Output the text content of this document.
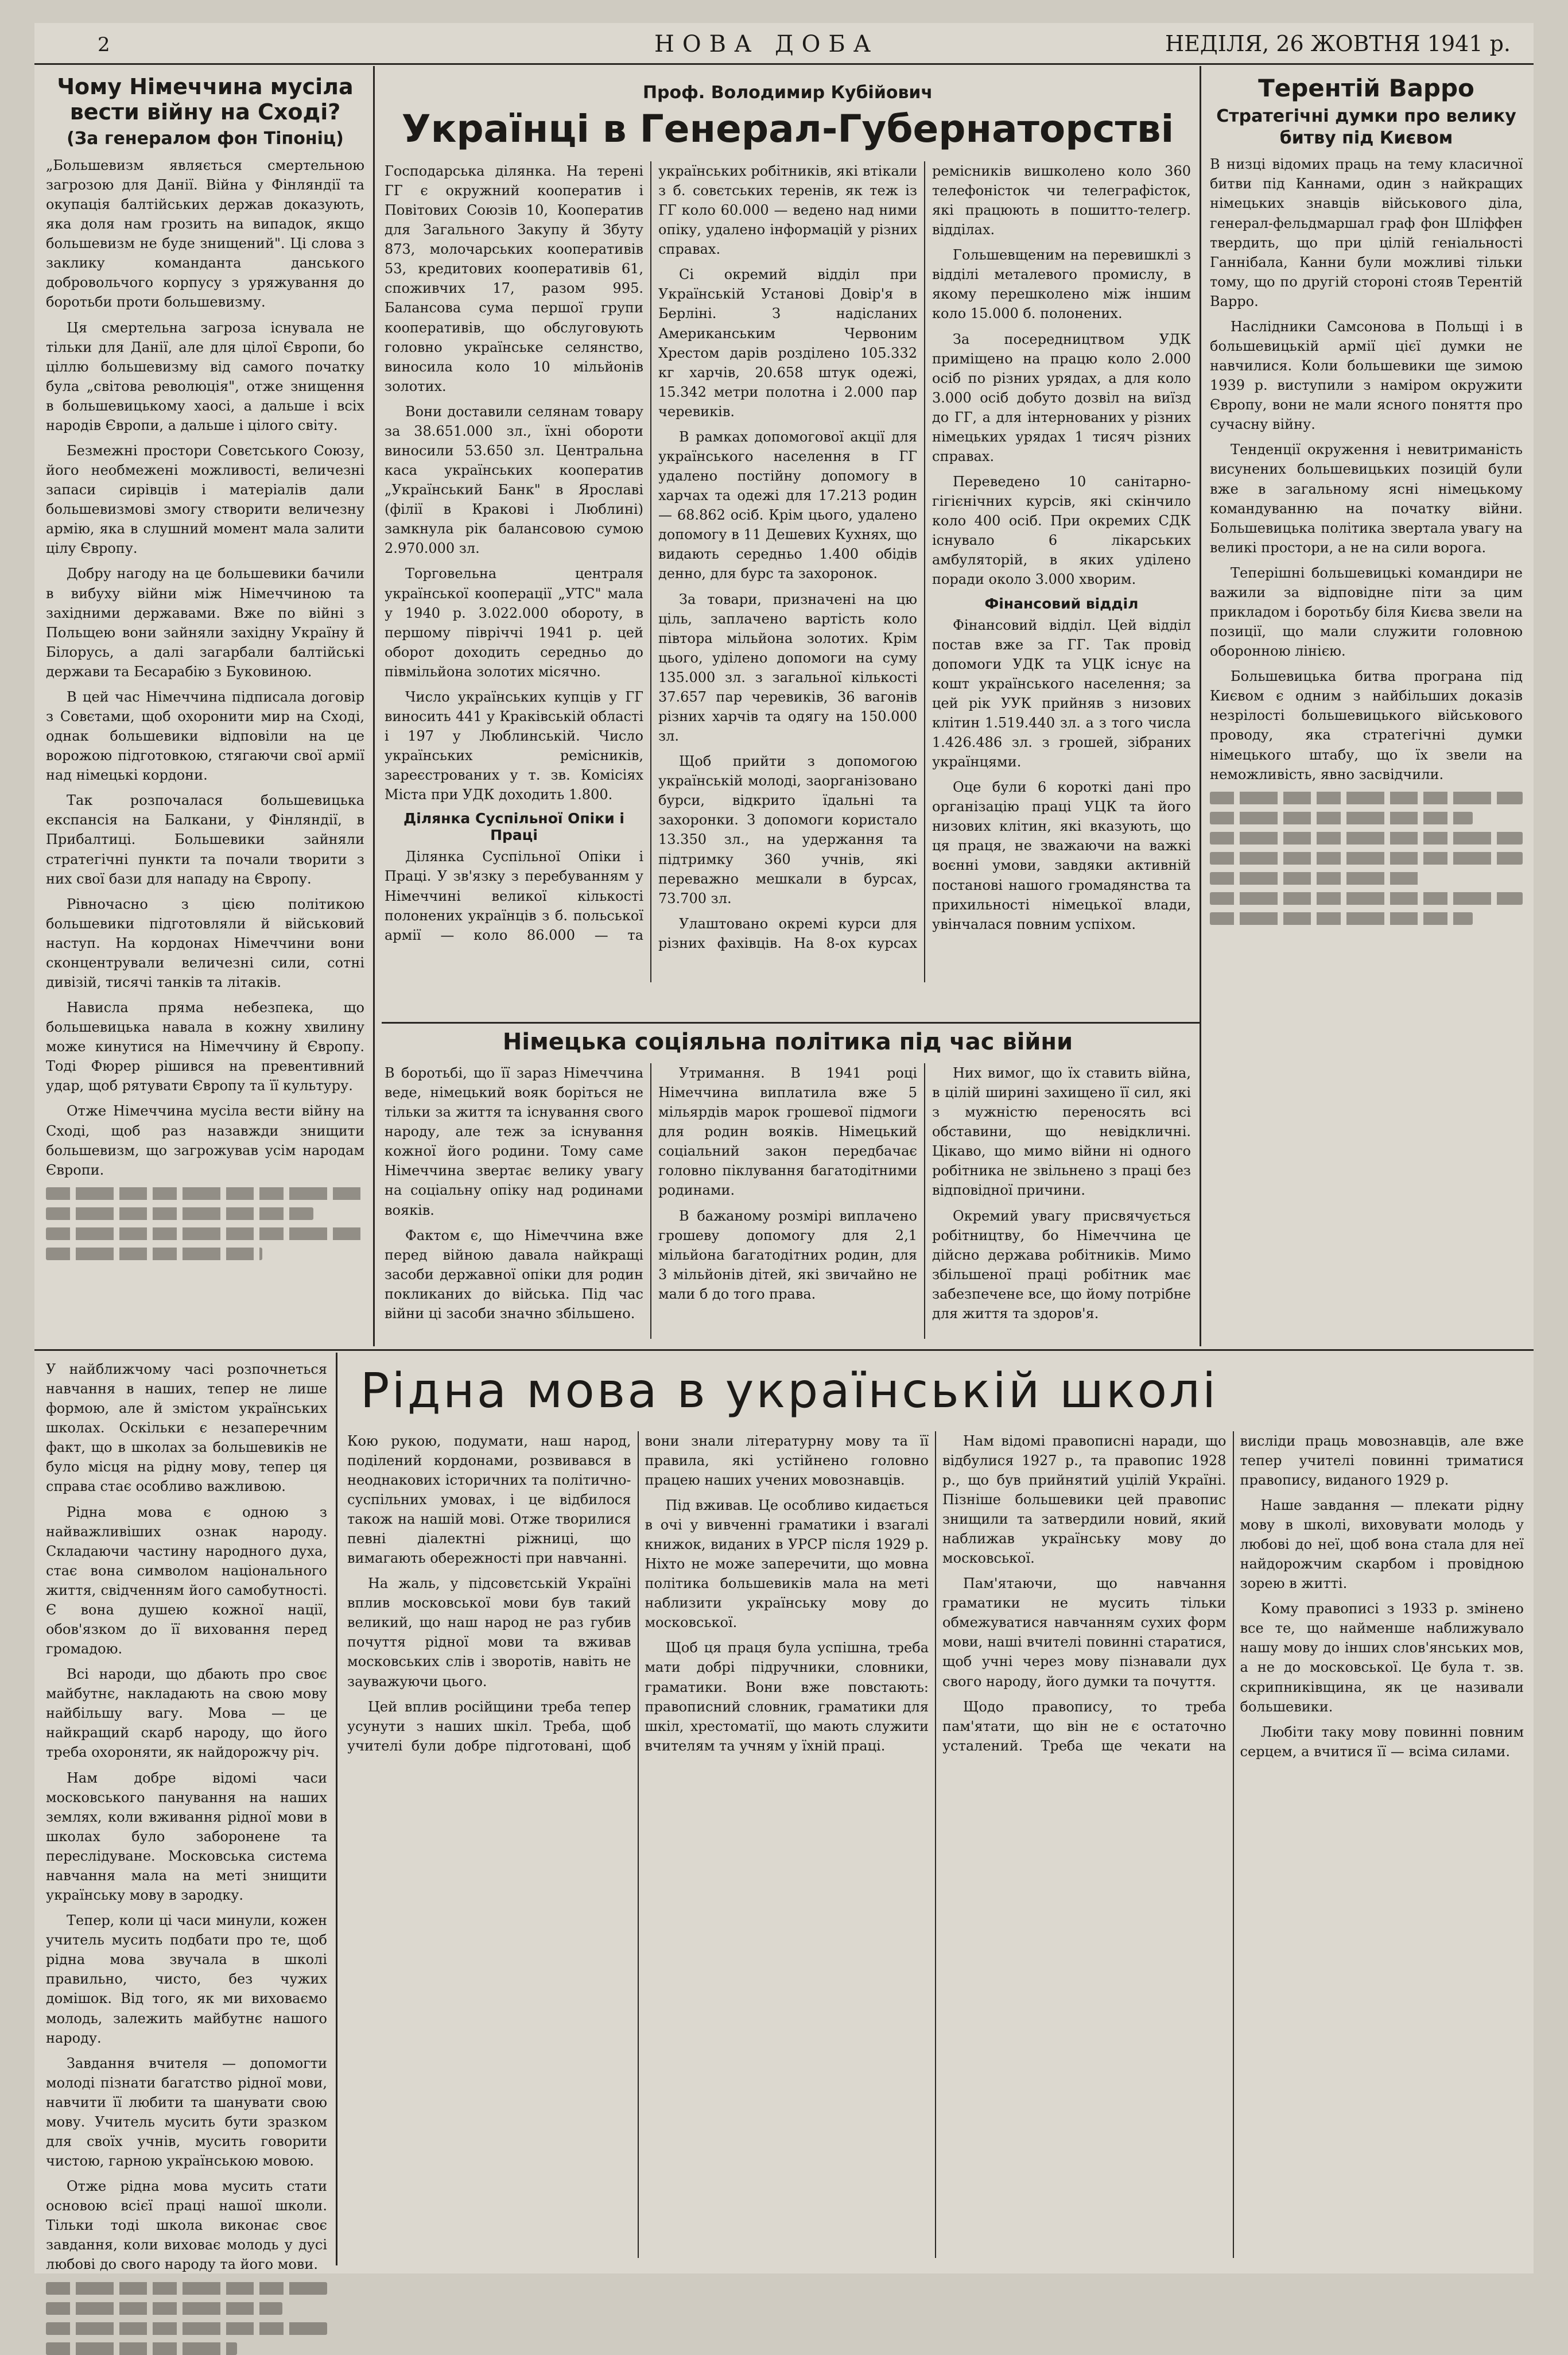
2	НОВА ДОБА	НЕДІЛЯ, 26 ЖОВТНЯ 1941 р.
Чому Німеччина мусіла вести війну на Сході?
(За генералом фон Тіпоніц)

„Большевизм являється смертельною загрозою для Данії. Війна у Фінляндії та окупація балтійських держав доказують, яка доля нам грозить на випадок, якщо большевизм не буде знищений". Ці слова з заклику команданта данського добровольчого корпусу з уряжування до боротьби проти большевизму.

Ця смертельна загроза існувала не тільки для Данії, але для цілої Європи, бо ціллю большевизму від самого початку була „світова революція", отже знищення в большевицькому хаосі, а дальше і всіх народів Європи, а дальше і цілого світу.

Безмежні простори Совєтського Союзу, його необмежені можливості, величезні запаси сирівців і матеріалів дали большевизмові змогу створити величезну армію, яка в слушний момент мала залити цілу Європу.

Добру нагоду на це большевики бачили в вибуху війни між Німеччиною та західними державами. Вже по війні з Польщею вони зайняли західну Україну й Білорусь, а далі загарбали балтійські держави та Бесарабію з Буковиною.

В цей час Німеччина підписала договір з Совєтами, щоб охоронити мир на Сході, однак большевики відповіли на це ворожою підготовкою, стягаючи свої армії над німецькі кордони.

Так розпочалася большевицька експансія на Балкани, у Фінляндії, в Прибалтиці. Большевики зайняли стратегічні пункти та почали творити з них свої бази для нападу на Європу.

Рівночасно з цією політикою большевики підготовляли й військовий наступ. На кордонах Німеччини вони сконцентрували величезні сили, сотні дивізій, тисячі танків та літаків.

Нависла пряма небезпека, що большевицька навала в кожну хвилину може кинутися на Німеччину й Європу. Тоді Фюрер рішився на превентивний удар, щоб рятувати Європу та її культуру.

Отже Німеччина мусіла вести війну на Сході, щоб раз назавжди знищити большевизм, що загрожував усім народам Європи.

Проф. Володимир Кубійович
Українці в Генерал-Губернаторстві

Господарська ділянка. На терені ГГ є окружний кооператив і Повітових Союзів 10, Кооператив для Загального Закупу й Збуту 873, молочарських кооперативів 53, кредитових кооперативів 61, споживчих 17, разом 995. Балансова сума першої групи кооперативів, що обслуговують головно українське селянство, виносила коло 10 мільйонів золотих.

Вони доставили селянам товару за 38.651.000 зл., їхні обороти виносили 53.650 зл. Центральна каса українських кооператив „Український Банк" в Ярославі (філії в Кракові і Люблині) замкнула рік балансовою сумою 2.970.000 зл.

Торговельна централя української кооперації „УТС" мала у 1940 р. 3.022.000 обороту, в першому півріччі 1941 р. цей оборот доходить середньо до півмільйона золотих місячно.

Число українських купців у ГГ виносить 441 у Краківській області і 197 у Люблинській. Число українських ремісників, зареєстрованих у т. зв. Комісіях Міста при УДК доходить 1.800.

Ділянка Суспільної Опіки і Праці

Ділянка Суспільної Опіки і Праці. У зв'язку з перебуванням у Німеччині великої кількості полонених українців з б. польської армії — коло 86.000 — та українських робітників, які втікали з б. совєтських теренів, як теж із ГГ коло 60.000 — ведено над ними опіку, удалено інформацій у різних справах.

Сі окремий відділ при Українській Установі Довір'я в Берліні. З надісланих Американським Червоним Хрестом дарів розділено 105.332 кг харчів, 20.658 штук одежі, 15.342 метри полотна і 2.000 пар черевиків.

В рамках допомогової акції для українського населення в ГГ удалено постійну допомогу в харчах та одежі для 17.213 родин — 68.862 осіб. Крім цього, удалено допомогу в 11 Дешевих Кухнях, що видають середньо 1.400 обідів денно, для бурс та захоронок.

За товари, призначені на цю ціль, заплачено вартість коло півтора мільйона золотих. Крім цього, уділено допомоги на суму 135.000 зл. з загальної кількості 37.657 пар черевиків, 36 вагонів різних харчів та одягу на 150.000 зл.

Щоб прийти з допомогою українській молоді, заорганізовано бурси, відкрито їдальні та захоронки. З допомоги користало 13.350 зл., на удержання та підтримку 360 учнів, які переважно мешкали в бурсах, 73.700 зл.

Улаштовано окремі курси для різних фахівців. На 8-ох курсах ремісників вишколено коло 360 телефоністок чи телеграфісток, які працюють в пошитто-телегр. відділах.

Гольшевщеним на перевишклі з відділі металевого промислу, в якому перешколено між іншим коло 15.000 б. полонених.

За посередництвом УДК приміщено на працю коло 2.000 осіб по різних урядах, а для коло 3.000 осіб добуто дозвіл на виїзд до ГГ, а для інтернованих у різних німецьких урядах 1 тисяч різних справах.

Переведено 10 санітарно-гігієнічних курсів, які скінчило коло 400 осіб. При окремих СДК існувало 6 лікарських амбуляторій, в яких уділено поради около 3.000 хворим.

Фінансовий відділ

Фінансовий відділ. Цей відділ постав вже за ГГ. Так провід допомоги УДК та УЦК існує на кошт українського населення; за цей рік УУК прийняв з низових клітин 1.519.440 зл. а з того числа 1.426.486 зл. з грошей, зібраних українцями.

Оце були 6 короткі дані про організацію праці УЦК та його низових клітин, які вказують, що ця праця, не зважаючи на важкі воєнні умови, завдяки активній постанові нашого громадянства та прихильності німецької влади, увінчалася повним успіхом.

Німецька соціяльна політика під час війни

В боротьбі, що її зараз Німеччина веде, німецький вояк боріться не тільки за життя та існування свого народу, але теж за існування кожної його родини. Тому саме Німеччина звертає велику увагу на соціальну опіку над родинами вояків.

Фактом є, що Німеччина вже перед війною давала найкращі засоби державної опіки для родин покликаних до війська. Під час війни ці засоби значно збільшено.

Утримання. В 1941 році Німеччина виплатила вже 5 мільярдів марок грошевої підмоги для родин вояків. Німецький соціальний закон передбачає головно піклування багатодітними родинами.

В бажаному розмірі виплачено грошеву допомогу для 2,1 мільйона багатодітних родин, для 3 мільйонів дітей, які звичайно не мали б до того права.

Них вимог, що їх ставить війна, в цілій ширині захищено її сил, які з мужністю переносять всі обставини, що невідкличні. Цікаво, що мимо війни ні одного робітника не звільнено з праці без відповідної причини.

Окремий увагу присвячується робітництву, бо Німеччина це дійсно держава робітників. Мимо збільшеної праці робітник має забезпечене все, що йому потрібне для життя та здоров'я.

Терентій Варро
Стратегічні думки про велику битву під Києвом

В низці відомих праць на тему класичної битви під Каннами, один з найкращих німецьких знавців військового діла, генерал-фельдмаршал граф фон Шліффен твердить, що при цілій геніальності Ганнібала, Канни були можливі тільки тому, що по другій стороні стояв Терентій Варро.

Наслідники Самсонова в Польщі і в большевицькій армії цієї думки не навчилися. Коли большевики ще зимою 1939 р. виступили з наміром окружити Європу, вони не мали ясного поняття про сучасну війну.

Тенденції окруження і невитриманість висунених большевицьких позицій були вже в загальному ясні німецькому командуванню на початку війни. Большевицька політика звертала увагу на великі простори, а не на сили ворога.

Теперішні большевицькі командири не важили за відповідне піти за цим прикладом і боротьбу біля Києва звели на позиції, що мали служити головною оборонною лінією.

Большевицька битва програна під Києвом є одним з найбільших доказів незрілості большевицького військового проводу, яка стратегічні думки німецького штабу, що їх звели на неможливість, явно засвідчили.

У найближчому часі розпочнеться навчання в наших, тепер не лише формою, але й змістом українських школах. Оскільки є незаперечним факт, що в школах за большевиків не було місця на рідну мову, тепер ця справа стає особливо важливою.

Рідна мова є одною з найважливіших ознак народу. Складаючи частину народного духа, стає вона символом національного життя, свідченням його самобутності. Є вона душею кожної нації, обов'язком до її виховання перед громадою.

Всі народи, що дбають про своє майбутнє, накладають на свою мову найбільшу вагу. Мова — це найкращий скарб народу, що його треба охороняти, як найдорожчу річ.

Нам добре відомі часи московського панування на наших землях, коли вживання рідної мови в школах було заборонене та переслідуване. Московська система навчання мала на меті знищити українську мову в зародку.

Тепер, коли ці часи минули, кожен учитель мусить подбати про те, щоб рідна мова звучала в школі правильно, чисто, без чужих домішок. Від того, як ми виховаємо молодь, залежить майбутнє нашого народу.

Завдання вчителя — допомогти молоді пізнати багатство рідної мови, навчити її любити та шанувати свою мову. Учитель мусить бути зразком для своїх учнів, мусить говорити чистою, гарною українською мовою.

Отже рідна мова мусить стати основою всієї праці нашої школи. Тільки тоді школа виконає своє завдання, коли виховає молодь у дусі любові до свого народу та його мови.

Рідна мова в українській школі

Кою рукою, подумати, наш народ, поділений кордонами, розвивався в неоднакових історичних та політично-суспільних умовах, і це відбилося також на нашій мові. Отже творилися певні діалектні ріжниці, що вимагають обережності при навчанні.

На жаль, у підсовєтській Україні вплив московської мови був такий великий, що наш народ не раз губив почуття рідної мови та вживав московських слів і зворотів, навіть не зауважуючи цього.

Цей вплив російщини треба тепер усунути з наших шкіл. Треба, щоб учителі були добре підготовані, щоб вони знали літературну мову та її правила, які устійнено головно працею наших учених мовознавців.

Під вживав. Це особливо кидається в очі у вивченні граматики і взагалі книжок, виданих в УРСР після 1929 р. Ніхто не може заперечити, що мовна політика большевиків мала на меті наблизити українську мову до московської.

Щоб ця праця була успішна, треба мати добрі підручники, словники, граматики. Вони вже повстають: правописний словник, граматики для шкіл, хрестоматії, що мають служити вчителям та учням у їхній праці.

Нам відомі правописні наради, що відбулися 1927 р., та правопис 1928 р., що був прийнятий уцілій Україні. Пізніше большевики цей правопис знищили та затвердили новий, який наближав українську мову до московської.

Пам'ятаючи, що навчання граматики не мусить тільки обмежуватися навчанням сухих форм мови, наші вчителі повинні старатися, щоб учні через мову пізнавали дух свого народу, його думки та почуття.

Щодо правопису, то треба пам'ятати, що він не є остаточно усталений. Треба ще чекати на висліди праць мовознавців, але вже тепер учителі повинні триматися правопису, виданого 1929 р.

Наше завдання — плекати рідну мову в школі, виховувати молодь у любові до неї, щоб вона стала для неї найдорожчим скарбом і провідною зорею в житті.

Кому правописі з 1933 р. змінено все те, що найменше наближувало нашу мову до інших слов'янських мов, а не до московської. Це була т. зв. скрипниківщина, як це називали большевики.

Любіти таку мову повинні повним серцем, а вчитися її — всіма силами.
